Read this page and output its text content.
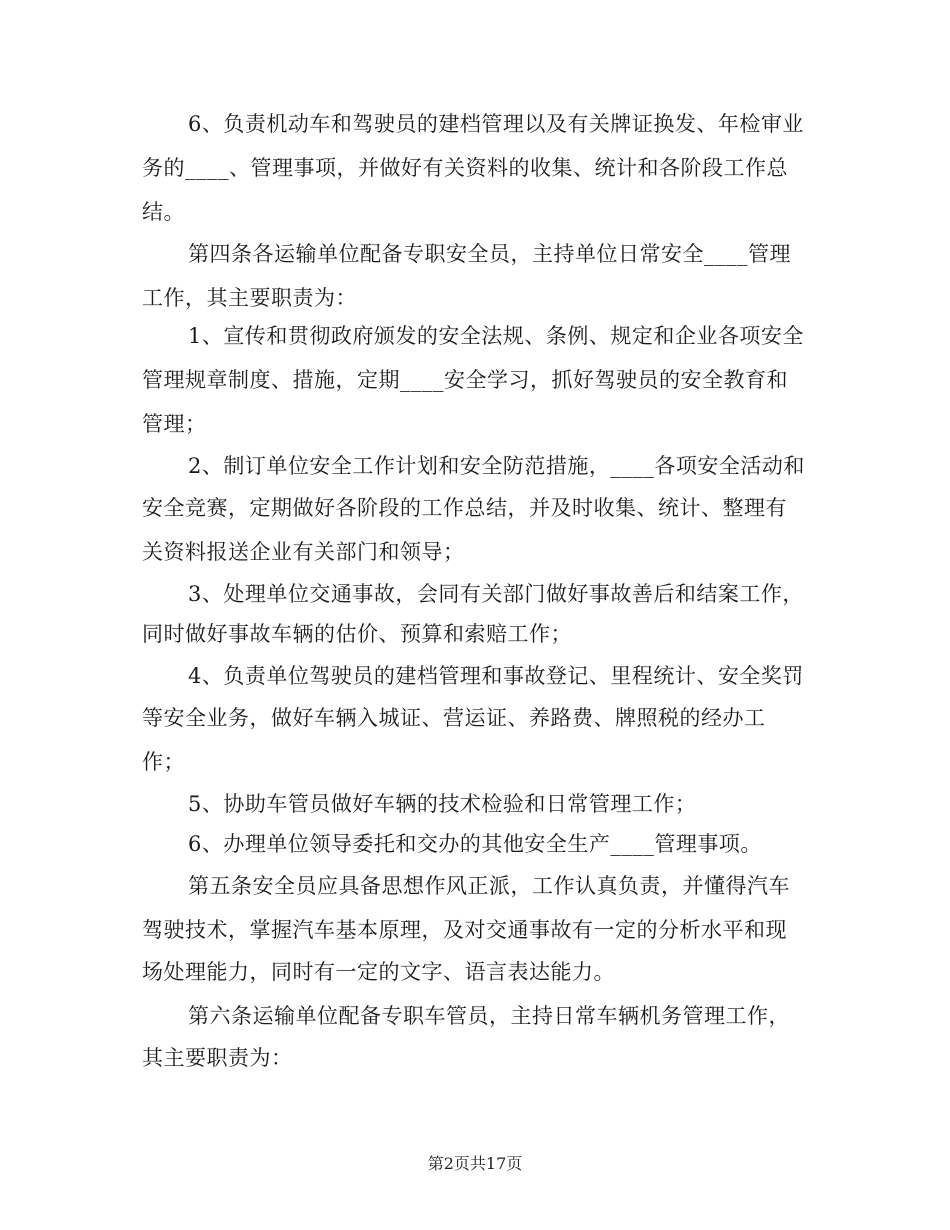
6、负责机动车和驾驶员的建档管理以及有关牌证换发、年检审业
务的____、管理事项，并做好有关资料的收集、统计和各阶段工作总
结。
第四条各运输单位配备专职安全员，主持单位日常安全____管理
工作，其主要职责为：
1、宣传和贯彻政府颁发的安全法规、条例、规定和企业各项安全
管理规章制度、措施，定期____安全学习，抓好驾驶员的安全教育和
管理；
2、制订单位安全工作计划和安全防范措施，____各项安全活动和
安全竞赛，定期做好各阶段的工作总结，并及时收集、统计、整理有
关资料报送企业有关部门和领导；
3、处理单位交通事故，会同有关部门做好事故善后和结案工作，
同时做好事故车辆的估价、预算和索赔工作；
4、负责单位驾驶员的建档管理和事故登记、里程统计、安全奖罚
等安全业务，做好车辆入城证、营运证、养路费、牌照税的经办工
作；
5、协助车管员做好车辆的技术检验和日常管理工作；
6、办理单位领导委托和交办的其他安全生产____管理事项。
第五条安全员应具备思想作风正派，工作认真负责，并懂得汽车
驾驶技术，掌握汽车基本原理，及对交通事故有一定的分析水平和现
场处理能力，同时有一定的文字、语言表达能力。
第六条运输单位配备专职车管员，主持日常车辆机务管理工作，
其主要职责为：
第2页共17页
